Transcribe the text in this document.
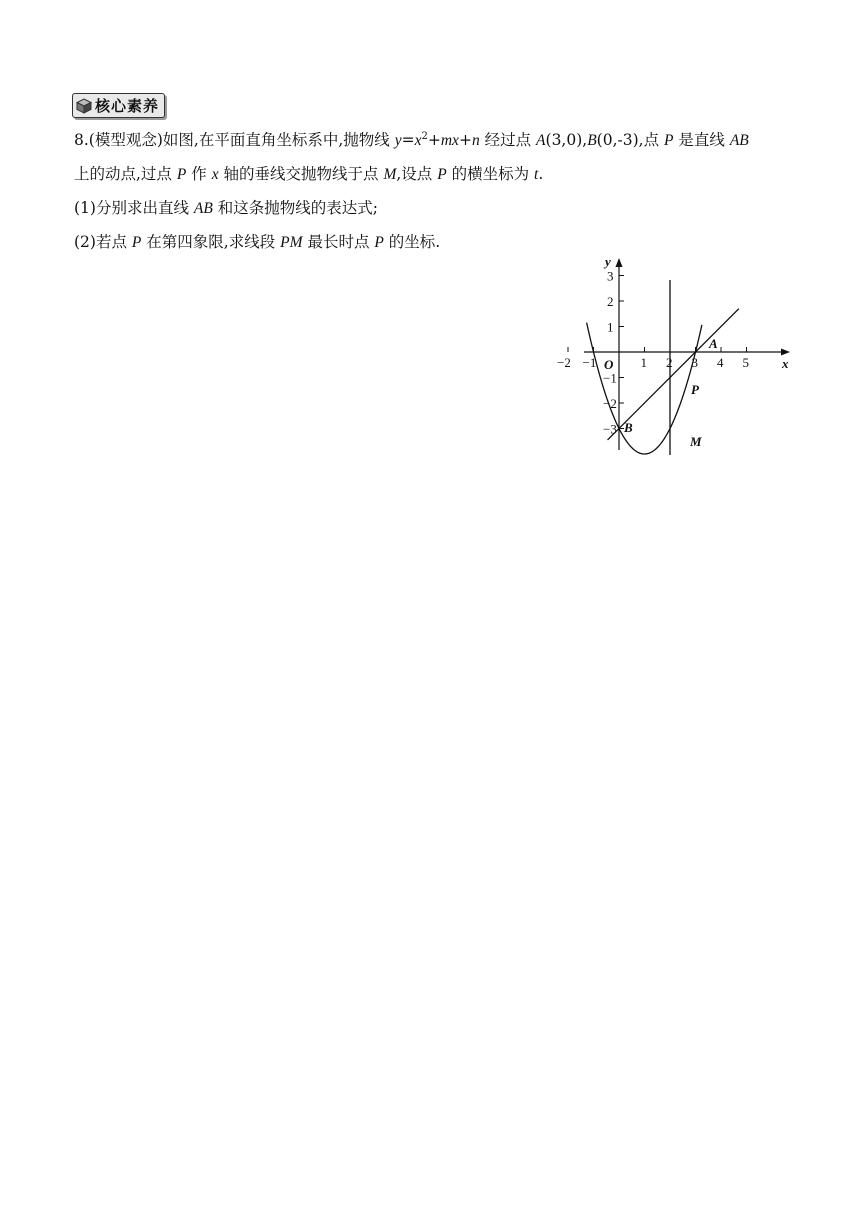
核心素养
8.(模型观念)如图,在平面直角坐标系中,抛物线 $y=x^2+mx+n$ 经过点 A(3,0),B(0,-3),点 P 是直线 AB
上的动点,过点 P 作 x 轴的垂线交抛物线于点 M,设点 P 的横坐标为 t.
(1)分别求出直线 AB 和这条抛物线的表达式;
(2)若点 P 在第四象限,求线段 PM 最长时点 P 的坐标.
x
y
O
−2 −1	1 2 3 4 5
3
2
1
−1
−2
−3
A
B
P
M
